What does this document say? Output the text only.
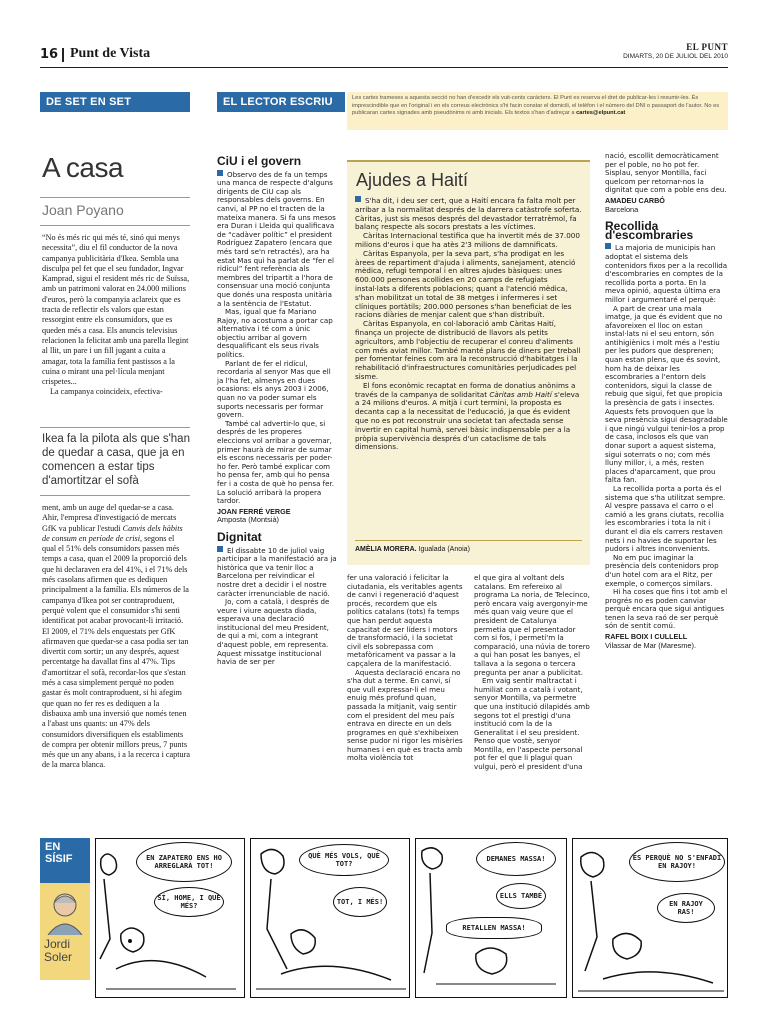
16 Punt de Vista	EL PUNT
DIMARTS, 20 DE JULIOL DEL 2010
DE SET EN SET	EL LECTOR ESCRIU	Les cartes trameses a aquesta secció no han d'excedir els vuit-cents caràcters. El Punt es reserva el dret de publicar-les i resumir-les. És imprescindible que en l'original i en els correus electrònics s'hi facin constar el domicili, el telèfon i el número del DNI o passaport de l'autor. No es publicaran cartes signades amb pseudònims ni amb inicials. Els textos s'han d'adreçar a cartes@elpunt.cat
A casa
Joan Poyano

“No és més ric qui més té, sinó qui menys necessita”, diu el fil conductor de la nova campanya publicitària d'Ikea. Sembla una disculpa pel fet que el seu fundador, Ingvar Kamprad, sigui el resident més ric de Suïssa, amb un patrimoni valorat en 24.000 milions d'euros, però la companyia aclareix que es tracta de reflectir els valors que estan ressorgint entre els consumidors, que es queden més a casa. Els anuncis televisius relacionen la felicitat amb una parella llegint al llit, un pare i un fill jugant a cuita a amagar, tota la família fent pastissos a la cuina o mirant una pel·lícula menjant crispetes...

La campanya coincideix, efectiva-

Ikea fa la pilota als que s'han de quedar a casa, que ja en comencen a estar tips d'amortitzar el sofà

ment, amb un auge del quedar-se a casa. Ahir, l'empresa d'investigació de mercats GfK va publicar l'estudi Canvis dels hàbits de consum en període de crisi, segons el qual el 51% dels consumidors passen més temps a casa, quan el 2009 la proporció dels que hi declaraven era del 41%, i el 71% dels més casolans afirmen que es dediquen principalment a la família. Els números de la campanya d'Ikea pot ser contraproduent, perquè volent que el consumidor s'hi senti identificat pot acabar provocant-li irritació. El 2009, el 71% dels enquestats per GfK afirmaven que quedar-se a casa podia ser tan divertit com sortir; un any després, aquest percentatge ha davallat fins al 47%. Tips d'amortitzar el sofà, recordar-los que s'estan més a casa simplement perquè no poden gastar és molt contraproduent, si hi afegim que quan no fer res es dediquen a la disbauxa amb una inversió que només tenen a l'abast uns quants: un 47% dels consumidors diversifiquen els establiments de compra per obtenir millors preus, 7 punts més que un any abans, i a la recerca i captura de la marca blanca.

CiU i el govern

Observo des de fa un temps una manca de respecte d'alguns dirigents de CiU cap als responsables dels governs. En canvi, al PP no el tracten de la mateixa manera. Si fa uns mesos era Duran i Lleida qui qualificava de “cadàver polític” el president Rodríguez Zapatero (encara que més tard se'n retractés), ara ha estat Mas qui ha parlat de “fer el ridícul” fent referència als membres del tripartit a l'hora de consensuar una moció conjunta que donés una resposta unitària a la sentència de l'Estatut.

Mas, igual que fa Mariano Rajoy, no acostuma a portar cap alternativa i té com a únic objectiu arribar al govern desqualificant els seus rivals polítics.

Parlant de fer el ridícul, recordaria al senyor Mas que ell ja l'ha fet, almenys en dues ocasions: els anys 2003 i 2006, quan no va poder sumar els suports necessaris per formar govern.

També cal advertir-lo que, si després de les properes eleccions vol arribar a governar, primer haurà de mirar de sumar els escons necessaris per poder-ho fer. Però també explicar com ho pensa fer, amb qui ho pensa fer i a costa de què ho pensa fer. La solució arribarà la propera tardor.

JOAN FERRÉ VERGE
Amposta (Montsià)
Dignitat

El dissabte 10 de juliol vaig participar a la manifestació ara ja històrica que va tenir lloc a Barcelona per reivindicar el nostre dret a decidir i el nostre caràcter irrenunciable de nació.

Jo, com a català, i després de veure i viure aquesta diada, esperava una declaració institucional del meu President, de qui a mi, com a integrant d'aquest poble, em representa. Aquest missatge institucional havia de ser per

Ajudes a Haití

S'ha dit, i deu ser cert, que a Haití encara fa falta molt per arribar a la normalitat després de la darrera catàstrofe soferta. Càritas, just sis mesos després del devastador terratrèmol, fa balanç respecte als socors prestats a les víctimes.

Càritas Internacional testifica que ha invertit més de 37.000 milions d'euros i que ha atès 2'3 milions de damnificats.

Càritas Espanyola, per la seva part, s'ha prodigat en les àrees de repartiment d'ajuda i aliments, sanejament, atenció mèdica, refugi temporal i en altres ajudes bàsiques: unes 600.000 persones acollides en 20 camps de refugiats instal·lats a diferents poblacions; quant a l'atenció mèdica, s'han mobilitzat un total de 38 metges i infermeres i set clíniques portàtils; 200.000 persones s'han beneficiat de les racions diàries de menjar calent que s'han distribuït.

Càritas Espanyola, en col·laboració amb Càritas Haití, finança un projecte de distribució de llavors als petits agricultors, amb l'objectiu de recuperar el conreu d'aliments com més aviat millor. També manté plans de diners per treball per fomentar feines com ara la reconstrucció d'habitatges i la rehabilitació d'infraestructures comunitàries perjudicades pel sisme.

El fons econòmic recaptat en forma de donatius anònims a través de la campanya de solidaritat Càritas amb Haití s'eleva a 24 milions d'euros. A mitjà i curt termini, la proposta es decanta cap a la necessitat de l'educació, ja que és evident que no es pot reconstruir una societat tan afectada sense invertir en capital humà, servei bàsic indispensable per a la pròpia supervivència després d'un cataclisme de tals dimensions.

AMÈLIA MORERA. Igualada (Anoia)

fer una valoració i felicitar la ciutadania, els veritables agents de canvi i regeneració d'aquest procés, recordem que els polítics catalans (tots) fa temps que han perdut aquesta capacitat de ser líders i motors de transformació, i la societat civil els sobrepassa com metafòricament va passar a la capçalera de la manifestació.

Aquesta declaració encara no s'ha dut a terme. En canvi, sí que vull expressar-li el meu enuig més profund quan, passada la mitjanit, vaig sentir com el president del meu país entrava en directe en un dels programes en què s'exhibeixen sense pudor ni rigor les misèries humanes i en què es tracta amb molta violència tot

el que gira al voltant dels catalans. Em refereixo al programa La noria, de Telecinco, però encara vaig avergonyir-me més quan vaig veure que el president de Catalunya permetia que el presentador com si fos, i permetí'm la comparació, una núvia de torero a qui han posat les banyes, el tallava a la segona o tercera pregunta per anar a publicitat.

Em vaig sentir maltractat i humiliat com a català i votant, senyor Montilla, va permetre que una institució dilapidés amb segons tot el prestigi d'una institució com la de la Generalitat i el seu president. Penso que vostè, senyor Montilla, en l'aspecte personal pot fer el que li plagui quan vulgui, però el president d'una

nació, escollit democràticament per el poble, no ho pot fer. Sisplau, senyor Montilla, faci quelcom per retornar-nos la dignitat que com a poble ens deu.

AMADEU CARBÓ
Barcelona
Recollida d'escombraries

La majoria de municipis han adoptat el sistema dels contenidors fixos per a la recollida d'escombraries en comptes de la recollida porta a porta. En la meva opinió, aquesta última era millor i argumentaré el perquè:

A part de crear una mala imatge, ja que és evident que no afavoreixen el lloc on estan instal·lats ni el seu entorn, són antihigiènics i molt més a l'estiu per les pudors que desprenen; quan estan plens, que és sovint, hom ha de deixar les escombraries a l'entorn dels contenidors, sigui la classe de rebuig que sigui, fet que propicia la presència de gats i insectes. Aquests fets provoquen que la seva presència sigui desagradable i que ningú vulgui tenir-los a prop de casa, inclosos els que van donar suport a aquest sistema, sigui soterrats o no; com més lluny millor, i, a més, resten places d'aparcament, que prou falta fan.

La recollida porta a porta és el sistema que s'ha utilitzat sempre. Al vespre passava el carro o el camió a les grans ciutats, recollia les escombraries i tota la nit i durant el dia els carrers restaven nets i no havies de suportar les pudors i altres inconvenients.

No em puc imaginar la presència dels contenidors prop d'un hotel com ara el Ritz, per exemple, o comerços similars.

Hi ha coses que fins i tot amb el progrés no es poden canviar perquè encara que sigui antigues tenen la seva raó de ser perquè són de sentit comú.

RAFEL BOIX I CULLELL
Vilassar de Mar (Maresme).
EN
SÍSIF
Jordi Soler
EN ZAPATERO ENS HO ARREGLARÀ TOT!
SÍ, HOME, I QUÈ MÉS?
QUÈ MÉS VOLS, QUÈ TOT?
TOT, I MÉS!
DEMANES MASSA!
ELLS TAMBÉ
RETALLEN MASSA!
ÉS PERQUÈ NO S'ENFADI EN RAJOY!
EN RAJOY RAS!
